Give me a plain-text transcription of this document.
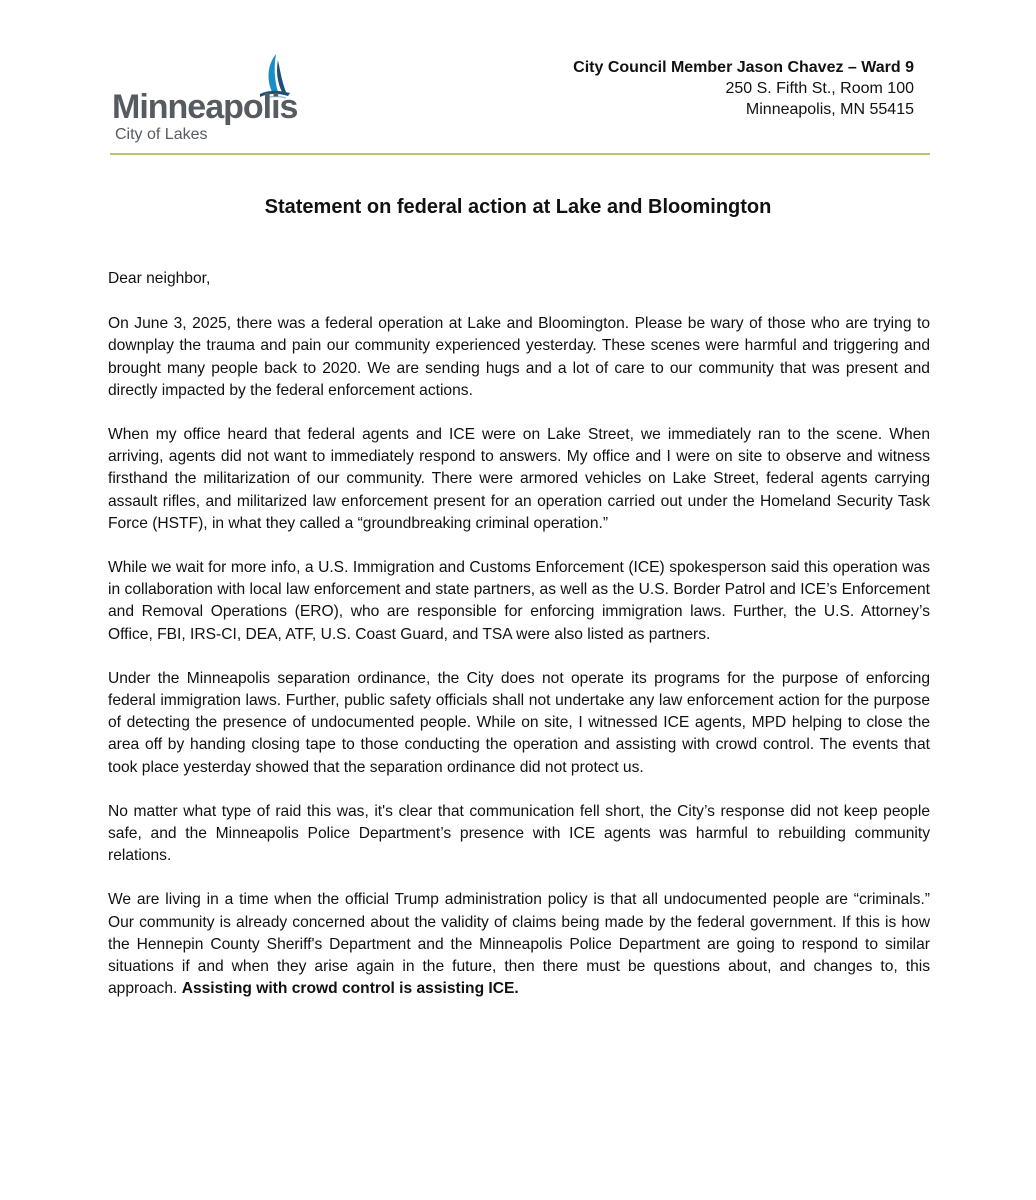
Minneapolis
City of Lakes
City Council Member Jason Chavez – Ward 9
250 S. Fifth St., Room 100
Minneapolis, MN 55415
Statement on federal action at Lake and Bloomington

Dear neighbor,

On June 3, 2025, there was a federal operation at Lake and Bloomington. Please be wary of those who are trying to downplay the trauma and pain our community experienced yesterday. These scenes were harmful and triggering and brought many people back to 2020. We are sending hugs and a lot of care to our community that was present and directly impacted by the federal enforcement actions.

When my office heard that federal agents and ICE were on Lake Street, we immediately ran to the scene. When arriving, agents did not want to immediately respond to answers. My office and I were on site to observe and witness firsthand the militarization of our community. There were armored vehicles on Lake Street, federal agents carrying assault rifles, and militarized law enforcement present for an operation carried out under the Homeland Security Task Force (HSTF), in what they called a “groundbreaking criminal operation.”

While we wait for more info, a U.S. Immigration and Customs Enforcement (ICE) spokesperson said this operation was in collaboration with local law enforcement and state partners, as well as the U.S. Border Patrol and ICE’s Enforcement and Removal Operations (ERO), who are responsible for enforcing immigration laws. Further, the U.S. Attorney’s Office, FBI, IRS-CI, DEA, ATF, U.S. Coast Guard, and TSA were also listed as partners.

Under the Minneapolis separation ordinance, the City does not operate its programs for the purpose of enforcing federal immigration laws. Further, public safety officials shall not undertake any law enforcement action for the purpose of detecting the presence of undocumented people. While on site, I witnessed ICE agents, MPD helping to close the area off by handing closing tape to those conducting the operation and assisting with crowd control. The events that took place yesterday showed that the separation ordinance did not protect us.

No matter what type of raid this was, it's clear that communication fell short, the City’s response did not keep people safe, and the Minneapolis Police Department’s presence with ICE agents was harmful to rebuilding community relations.

We are living in a time when the official Trump administration policy is that all undocumented people are “criminals.” Our community is already concerned about the validity of claims being made by the federal government. If this is how the Hennepin County Sheriff's Department and the Minneapolis Police Department are going to respond to similar situations if and when they arise again in the future, then there must be questions about, and changes to, this approach. Assisting with crowd control is assisting ICE.
